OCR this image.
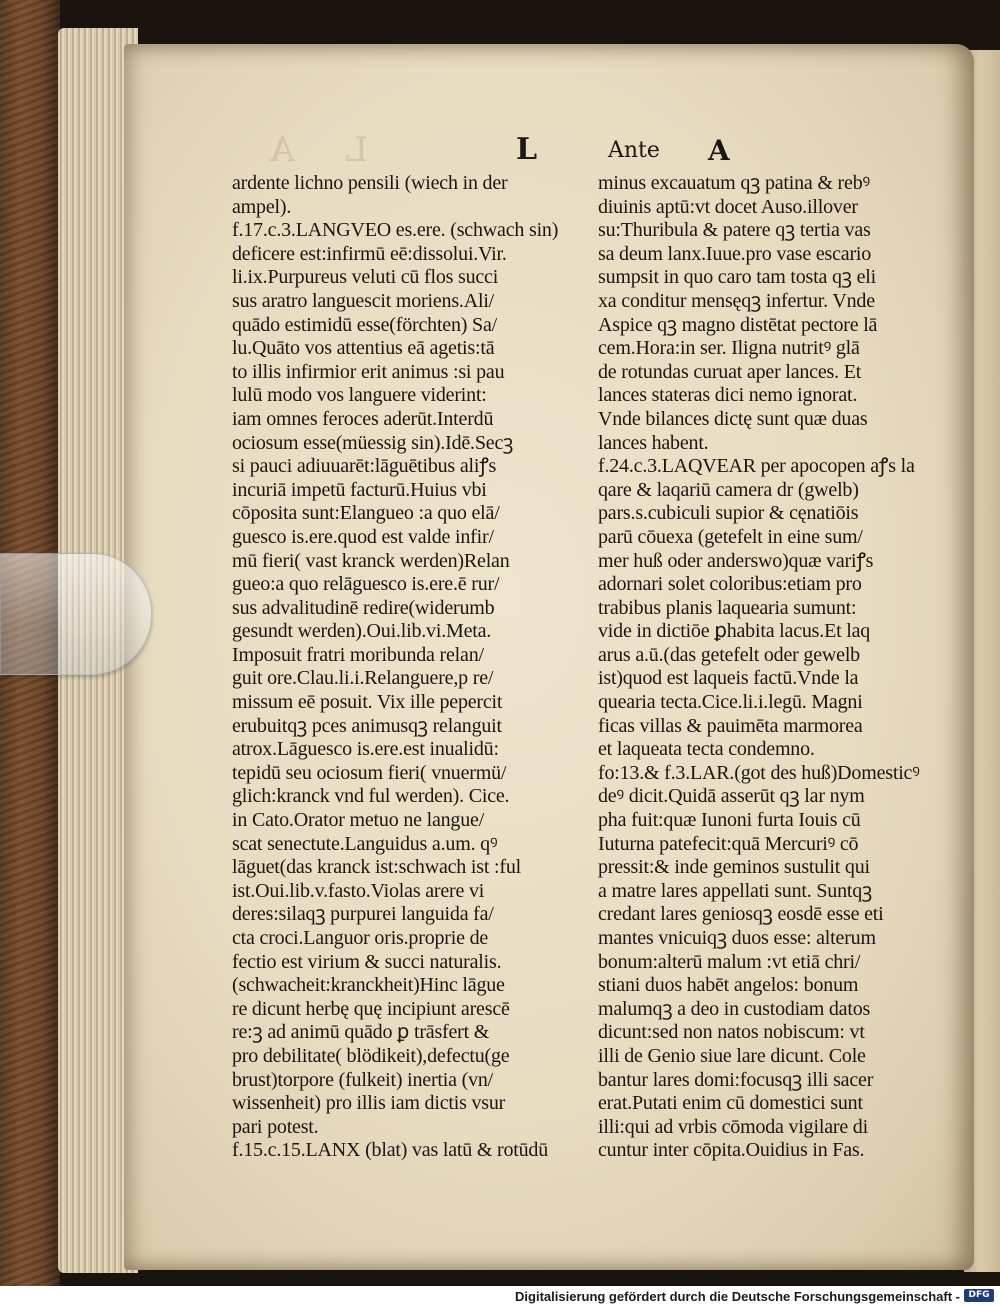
L A	L	Ante A
ardente lichno pensili (wiech in der
ampel).
f.17.c.3.LANGVEO es.ere. (schwach sin)
deficere est:infirmū eē:dissolui.Vir.
li.ix.Purpureus veluti cū flos succi
sus aratro languescit moriens.Ali/
quādo estimidū esse(förchten) Sa/
lu.Quāto vos attentius eā agetis:tā
to illis infirmior erit animus :si pau
lulū modo vos languere viderint:
iam omnes feroces aderūt.Interdū
ociosum esse(müessig sin).Idē.Secꝫ
si pauci adiuuarēt:lāguētibus aliꝭs
incuriā impetū facturū.Huius vbi
cōposita sunt:Elangueo :a quo elā/
guesco is.ere.quod est valde infir/
mū fieri( vast kranck werden)Relan
gueo:a quo relāguesco is.ere.ē rur/
sus advalitudinē redire(widerumb
gesundt werden).Oui.lib.vi.Meta.
Imposuit fratri moribunda relan/
guit ore.Clau.li.i.Relanguere,p re/
missum eē posuit. Vix ille pepercit
erubuitqꝫ pces animusqꝫ relanguit
atrox.Lāguesco is.ere.est inualidū:
tepidū seu ociosum fieri( vnuermü/
glich:kranck vnd ful werden). Cice.
in Cato.Orator metuo ne langue/
scat senectute.Languidus a.um. qꝰ
lāguet(das kranck ist:schwach ist :ful
ist.Oui.lib.v.fasto.Violas arere vi
deres:silaqꝫ purpurei languida fa/
cta croci.Languor oris.proprie de
fectio est virium & succi naturalis.
(schwacheit:kranckheit)Hinc lāgue
re dicunt herbę quę incipiunt arescē
re:ꝫ ad animū quādo ꝑ trāsfert &
pro debilitate( blödikeit),defectu(ge
brust)torpore (fulkeit) inertia (vn/
wissenheit) pro illis iam dictis vsur
pari potest.
f.15.c.15.LANX (blat) vas latū & rotūdū
minus excauatum qꝫ patina & rebꝰ
diuinis aptū:vt docet Auso.illover
su:Thuribula & patere qꝫ tertia vas
sa deum lanx.Iuue.pro vase escario
sumpsit in quo caro tam tosta qꝫ eli
xa conditur mensęqꝫ infertur. Vnde
Aspice qꝫ magno distētat pectore lā
cem.Hora:in ser. Iligna nutritꝰ glā
de rotundas curuat aper lances. Et
lances stateras dici nemo ignorat.
Vnde bilances dictę sunt quæ duas
lances habent.
f.24.c.3.LAQVEAR per apocopen aꝭs la
qare & laqariū camera dr (gwelb)
pars.s.cubiculi supior & cęnatiōis
parū cōuexa (getefelt in eine sum/
mer huß oder anderswo)quæ variꝭs
adornari solet coloribus:etiam pro
trabibus planis laquearia sumunt:
vide in dictiōe ꝑhabita lacus.Et laq
arus a.ū.(das getefelt oder gewelb
ist)quod est laqueis factū.Vnde la
quearia tecta.Cice.li.i.legū. Magni
ficas villas & pauimēta marmorea
et laqueata tecta condemno.
fo:13.& f.3.LAR.(got des huß)Domesticꝰ
deꝰ dicit.Quidā asserūt qꝫ lar nym
pha fuit:quæ Iunoni furta Iouis cū
Iuturna patefecit:quā Mercuriꝰ cō
pressit:& inde geminos sustulit qui
a matre lares appellati sunt. Suntqꝫ
credant lares geniosqꝫ eosdē esse eti
mantes vnicuiqꝫ duos esse: alterum
bonum:alterū malum :vt etiā chri/
stiani duos habēt angelos: bonum
malumqꝫ a deo in custodiam datos
dicunt:sed non natos nobiscum: vt
illi de Genio siue lare dicunt. Cole
bantur lares domi:focusqꝫ illi sacer
erat.Putati enim cū domestici sunt
illi:qui ad vrbis cōmoda vigilare di
cuntur inter cōpita.Ouidius in Fas.
Digitalisierung gefördert durch die Deutsche Forschungsgemeinschaft - DFG
